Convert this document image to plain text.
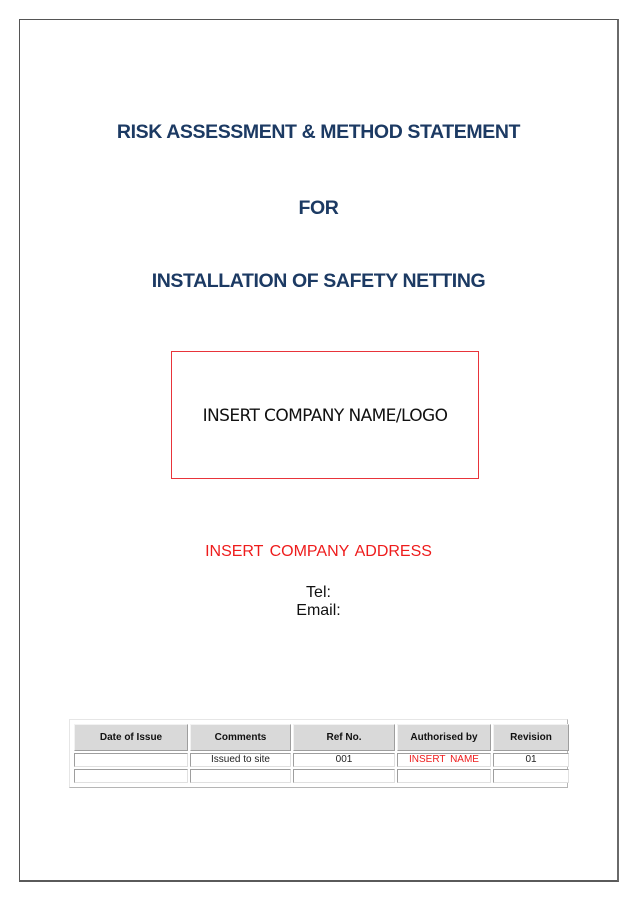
RISK ASSESSMENT & METHOD STATEMENT
FOR
INSTALLATION OF SAFETY NETTING
INSERT COMPANY NAME/LOGO
INSERT COMPANY ADDRESS
Tel:
Email:
Date of Issue	Comments	Ref No.	Authorised by	Revision
	Issued to site	001	INSERT NAME	01
